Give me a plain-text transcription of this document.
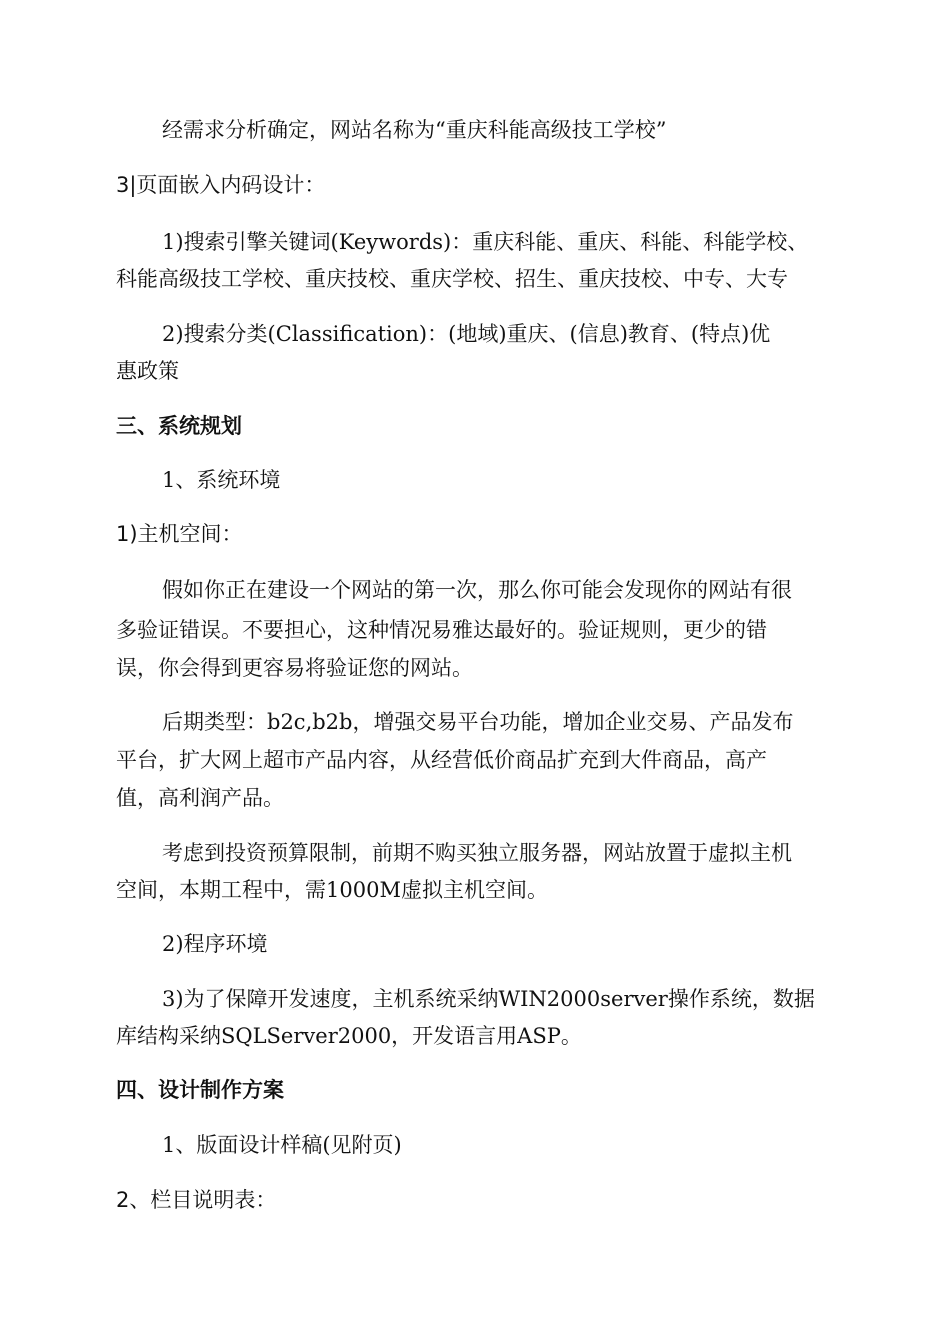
经需求分析确定，网站名称为“重庆科能高级技工学校”
3|页面嵌入内码设计：
1)搜索引擎关键词(Keywords)：重庆科能、重庆、科能、科能学校、
科能高级技工学校、重庆技校、重庆学校、招生、重庆技校、中专、大专
2)搜索分类(Classification)：(地域)重庆、(信息)教育、(特点)优
惠政策
三、系统规划
1、系统环境
1)主机空间：
假如你正在建设一个网站的第一次，那么你可能会发现你的网站有很
多验证错误。不要担心，这种情况易雅达最好的。验证规则，更少的错
误，你会得到更容易将验证您的网站。
后期类型：b2c,b2b，增强交易平台功能，增加企业交易、产品发布
平台，扩大网上超市产品内容，从经营低价商品扩充到大件商品，高产
值，高利润产品。
考虑到投资预算限制，前期不购买独立服务器，网站放置于虚拟主机
空间，本期工程中，需1000M虚拟主机空间。
2)程序环境
3)为了保障开发速度，主机系统采纳WIN2000server操作系统，数据
库结构采纳SQLServer2000，开发语言用ASP。
四、设计制作方案
1、版面设计样稿(见附页)
2、栏目说明表：
